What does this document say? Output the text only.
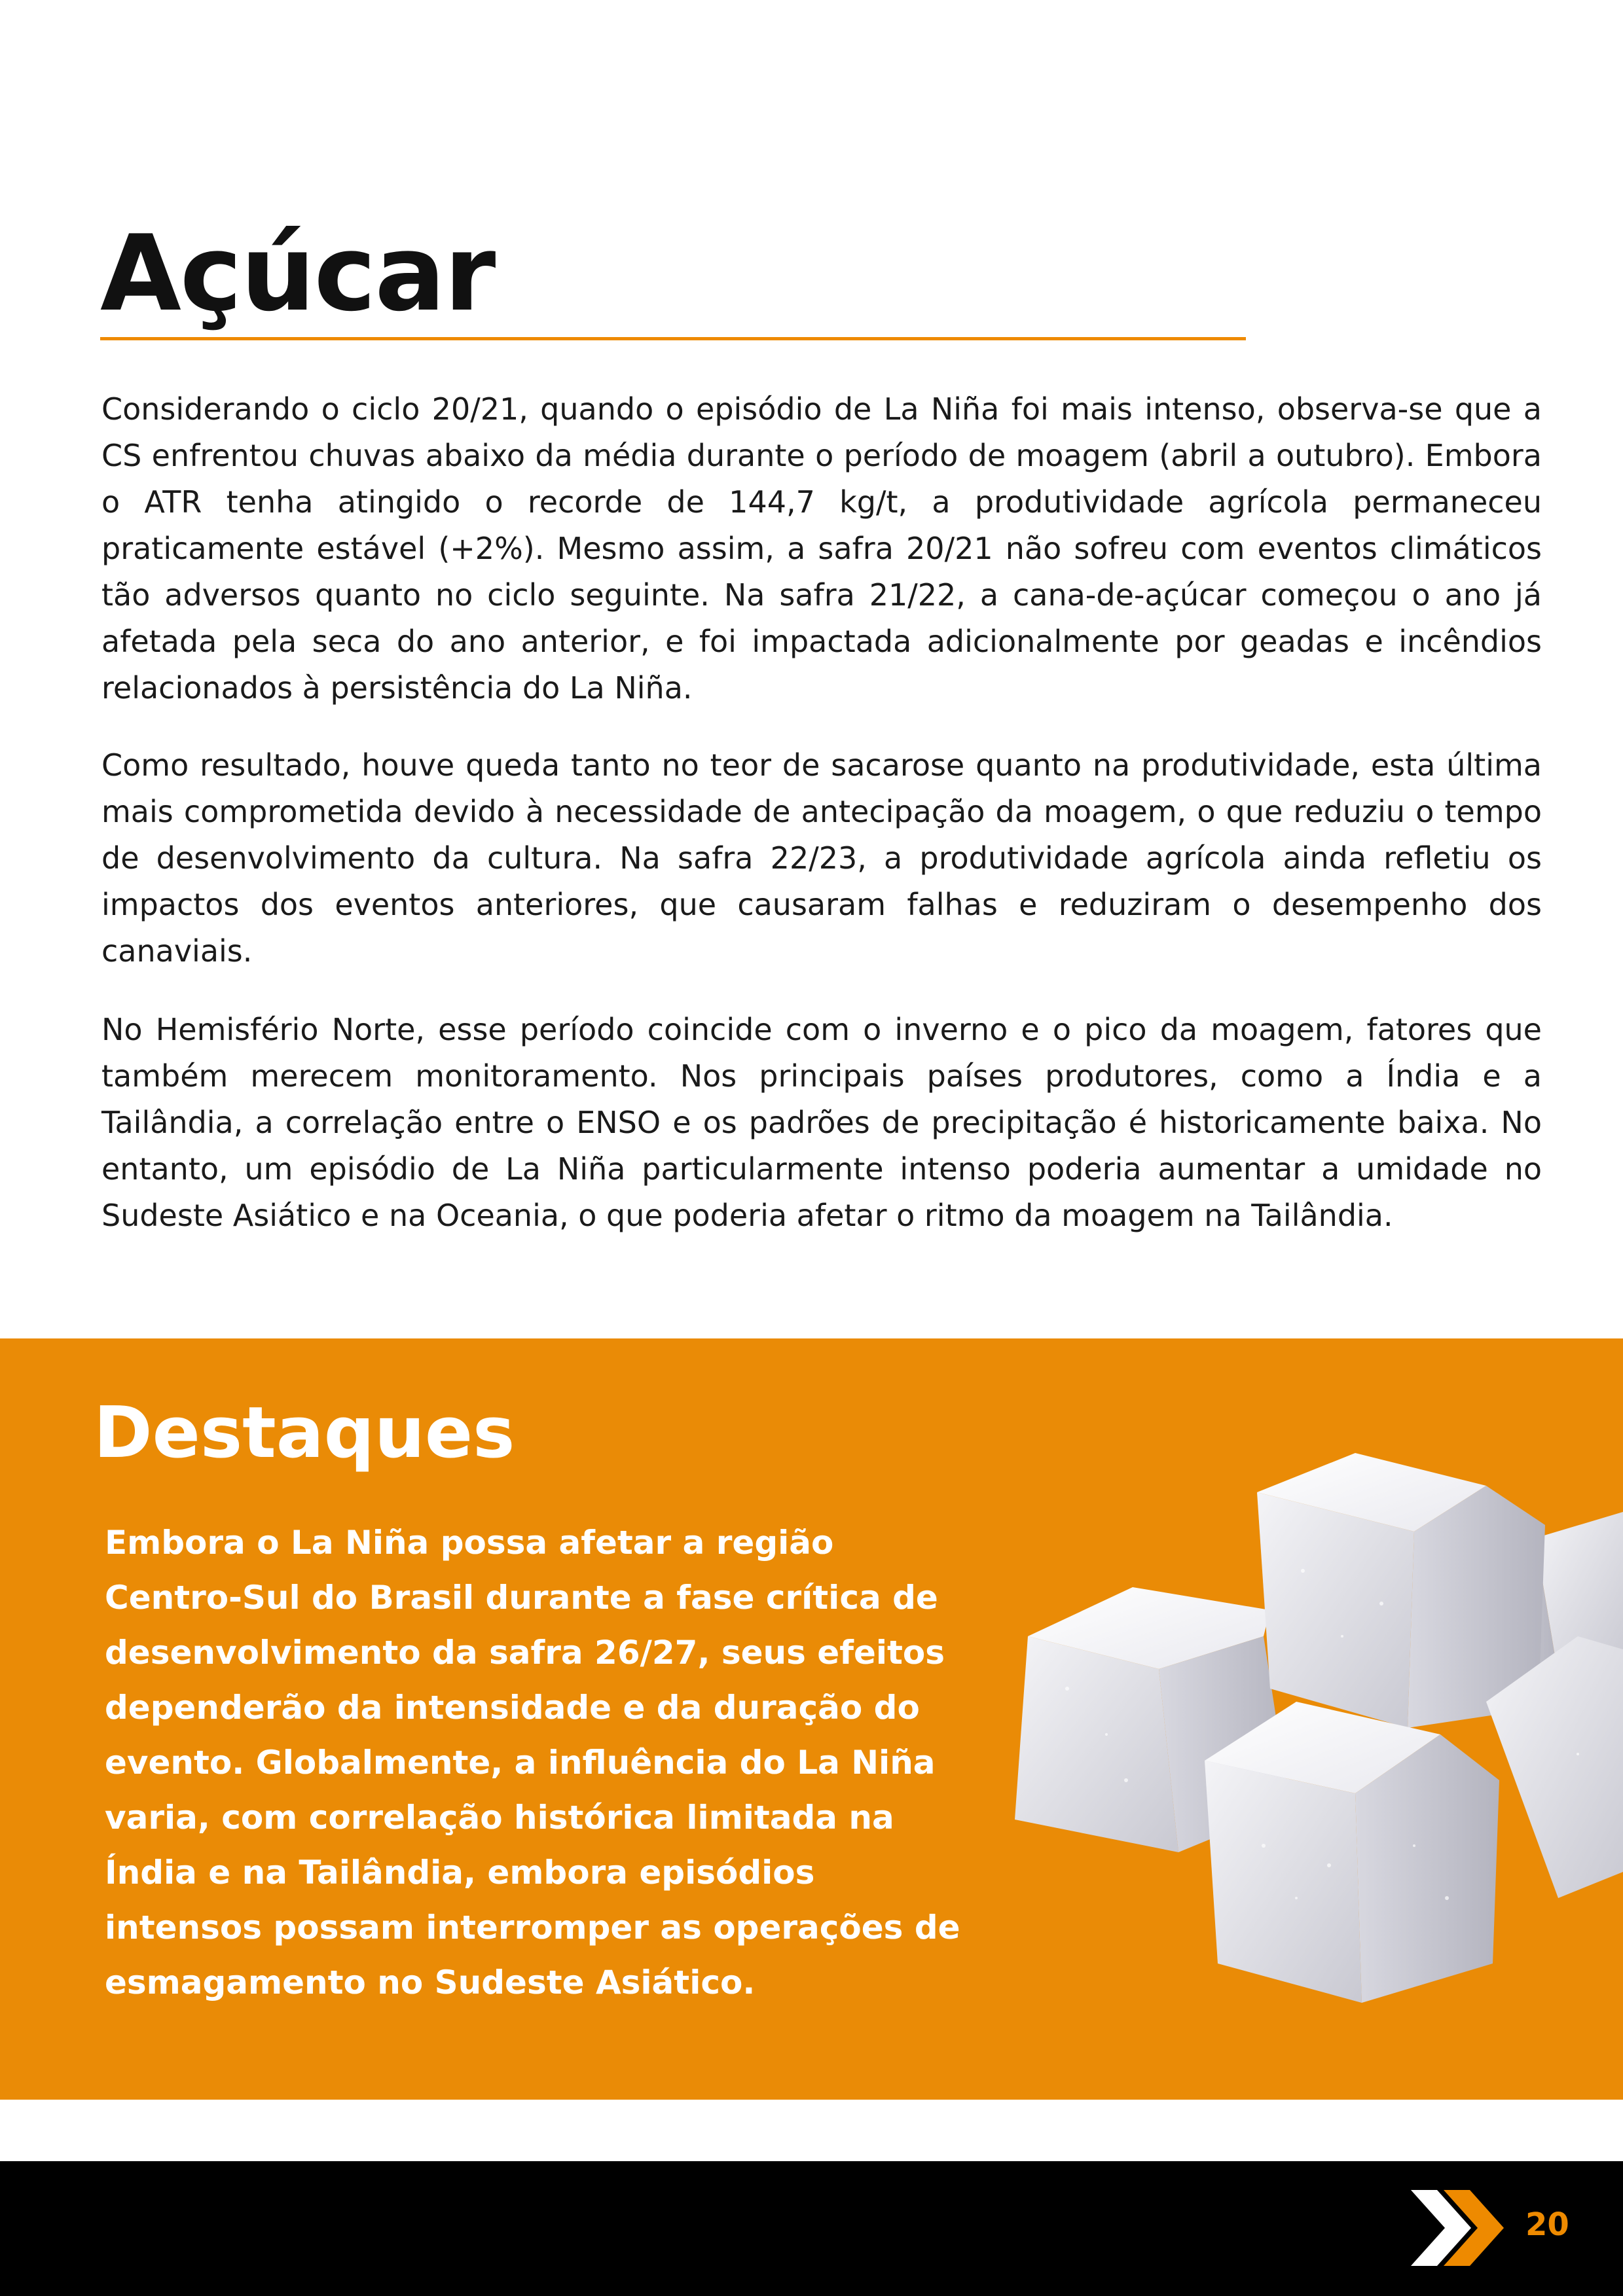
Açúcar

Considerando o ciclo 20/21, quando o episódio de La Niña foi mais intenso, observa-se que a CS enfrentou chuvas abaixo da média durante o período de moagem (abril a outubro). Embora o ATR tenha atingido o recorde de 144,7 kg/t, a produtividade agrícola permaneceu praticamente estável (+2%). Mesmo assim, a safra 20/21 não sofreu com eventos climáticos tão adversos quanto no ciclo seguinte. Na safra 21/22, a cana-de-açúcar começou o ano já afetada pela seca do ano anterior, e foi impactada adicionalmente por geadas e incêndios relacionados à persistência do La Niña.

Como resultado, houve queda tanto no teor de sacarose quanto na produtividade, esta última mais comprometida devido à necessidade de antecipação da moagem, o que reduziu o tempo de desenvolvimento da cultura. Na safra 22/23, a produtividade agrícola ainda refletiu os impactos dos eventos anteriores, que causaram falhas e reduziram o desempenho dos canaviais.

No Hemisfério Norte, esse período coincide com o inverno e o pico da moagem, fatores que também merecem monitoramento. Nos principais países produtores, como a Índia e a Tailândia, a correlação entre o ENSO e os padrões de precipitação é historicamente baixa. No entanto, um episódio de La Niña particularmente intenso poderia aumentar a umidade no Sudeste Asiático e na Oceania, o que poderia afetar o ritmo da moagem na Tailândia.

Destaques

Embora o La Niña possa afetar a região Centro-Sul do Brasil durante a fase crítica de desenvolvimento da safra 26/27, seus efeitos dependerão da intensidade e da duração do evento. Globalmente, a influência do La Niña varia, com correlação histórica limitada na Índia e na Tailândia, embora episódios intensos possam interromper as operações de esmagamento no Sudeste Asiático.

20
